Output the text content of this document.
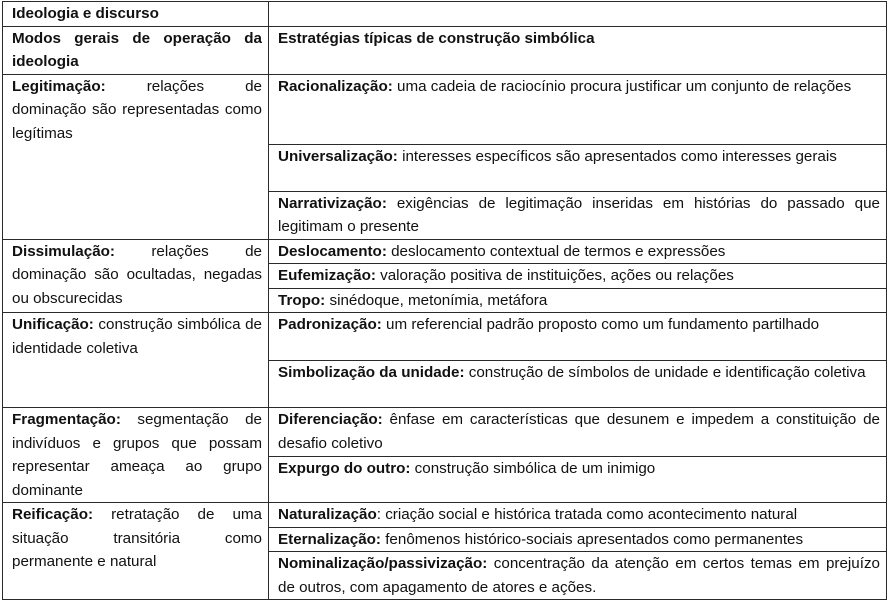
Ideologia e discurso	
Modos gerais de operação da ideologia	Estratégias típicas de construção simbólica
Legitimação: relações de dominação são representadas como legítimas	Racionalização: uma cadeia de raciocínio procura justificar um conjunto de relações
	Universalização: interesses específicos são apresentados como interesses gerais
	Narrativização: exigências de legitimação inseridas em histórias do passado que legitimam o presente
Dissimulação: relações de dominação são ocultadas, negadas ou obscurecidas	Deslocamento: deslocamento contextual de termos e expressões
	Eufemização: valoração positiva de instituições, ações ou relações
	Tropo: sinédoque, metonímia, metáfora
Unificação: construção simbólica de identidade coletiva	Padronização: um referencial padrão proposto como um fundamento partilhado
	Simbolização da unidade: construção de símbolos de unidade e identificação coletiva
Fragmentação: segmentação de indivíduos e grupos que possam representar ameaça ao grupo dominante	Diferenciação: ênfase em características que desunem e impedem a constituição de desafio coletivo
	Expurgo do outro: construção simbólica de um inimigo
Reificação: retratação de uma situação transitória como permanente e natural	Naturalização: criação social e histórica tratada como acontecimento natural
	Eternalização: fenômenos histórico-sociais apresentados como permanentes
	Nominalização/passivização: concentração da atenção em certos temas em prejuízo de outros, com apagamento de atores e ações.
